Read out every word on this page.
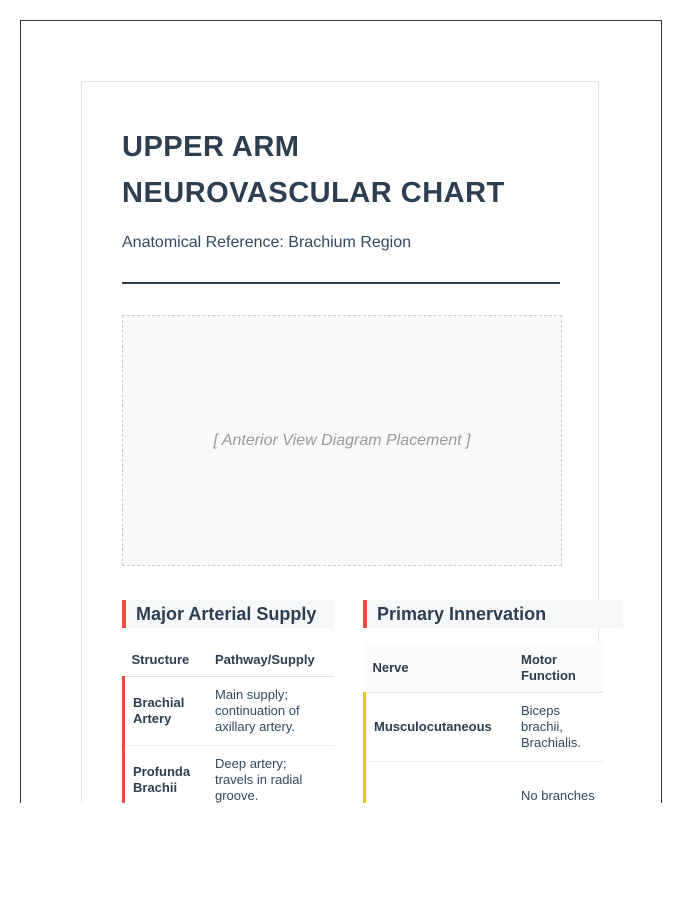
UPPER ARM NEUROVASCULAR CHART
Anatomical Reference: Brachium Region
[ Anterior View Diagram Placement ]
Major Arterial Supply	Primary Innervation
Structure	Pathway/Supply
Brachial Artery	Main supply; continuation of axillary artery.
Profunda Brachii	Deep artery; travels in radial groove.
Nerve	Motor Function
Musculocutaneous	Biceps brachii, Brachialis.
	No branches
